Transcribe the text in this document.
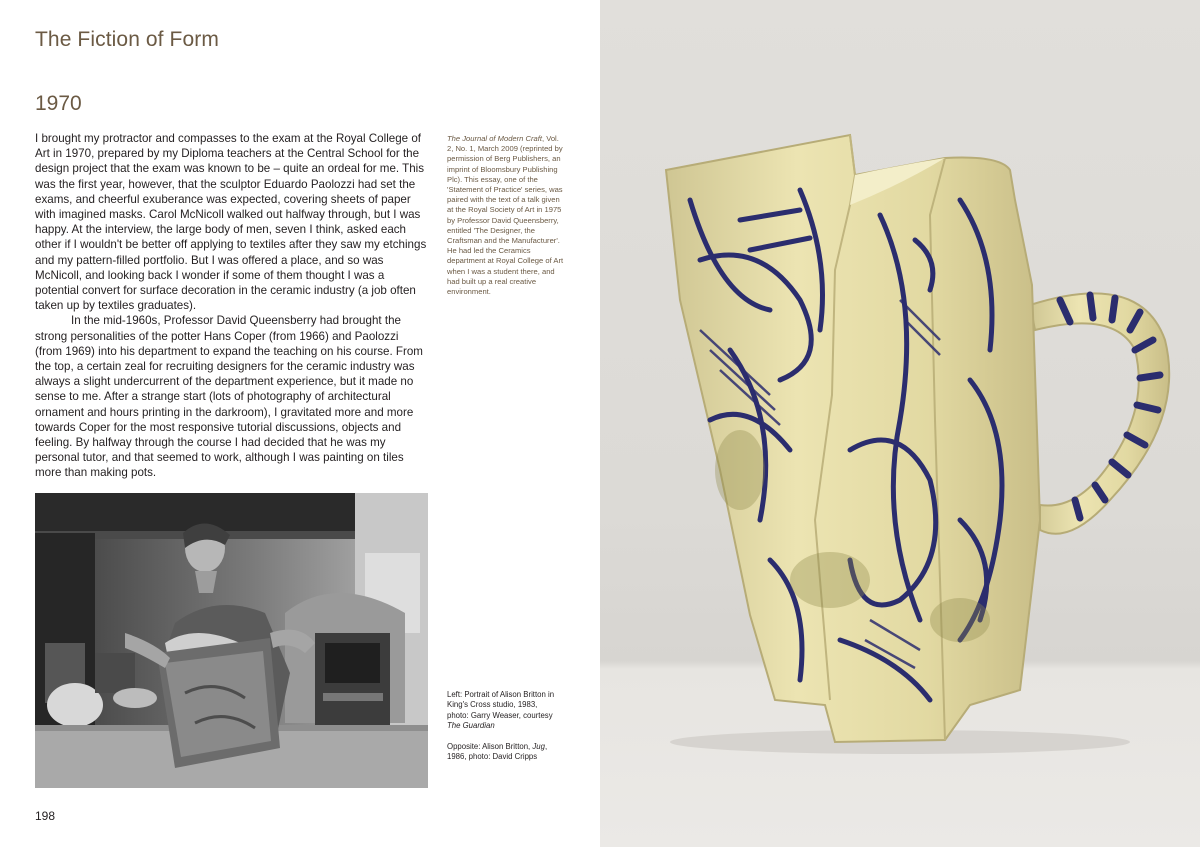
The Fiction of Form
1970

I brought my protractor and compasses to the exam at the Royal College of Art in 1970, prepared by my Diploma teachers at the Central School for the design project that the exam was known to be – quite an ordeal for me. This was the first year, however, that the sculptor Eduardo Paolozzi had set the exams, and cheerful exuberance was expected, covering sheets of paper with imagined masks. Carol McNicoll walked out halfway through, but I was happy. At the interview, the large body of men, seven I think, asked each other if I wouldn't be better off applying to textiles after they saw my etchings and my pattern-filled portfolio. But I was offered a place, and so was McNicoll, and looking back I wonder if some of them thought I was a potential convert for surface decoration in the ceramic industry (a job often taken up by textiles graduates).

In the mid-1960s, Professor David Queensberry had brought the strong personalities of the potter Hans Coper (from 1966) and Paolozzi (from 1969) into his department to expand the teaching on his course. From the top, a certain zeal for recruiting designers for the ceramic industry was always a slight undercurrent of the department experience, but it made no sense to me. After a strange start (lots of photography of architectural ornament and hours printing in the darkroom), I gravitated more and more towards Coper for the most responsive tutorial discussions, objects and feeling. By halfway through the course I had decided that he was my personal tutor, and that seemed to work, although I was painting on tiles more than making pots.

The Journal of Modern Craft, Vol. 2, No. 1, March 2009 (reprinted by permission of Berg Publishers, an imprint of Bloomsbury Publishing Plc). This essay, one of the 'Statement of Practice' series, was paired with the text of a talk given at the Royal Society of Art in 1975 by Professor David Queensberry, entitled 'The Designer, the Craftsman and the Manufacturer'. He had led the Ceramics department at Royal College of Art when I was a student there, and had built up a real creative environment.

Left: Portrait of Alison Britton in King's Cross studio, 1983, photo: Garry Weaser, courtesy The Guardian

Opposite: Alison Britton, Jug, 1986, photo: David Cripps

198
